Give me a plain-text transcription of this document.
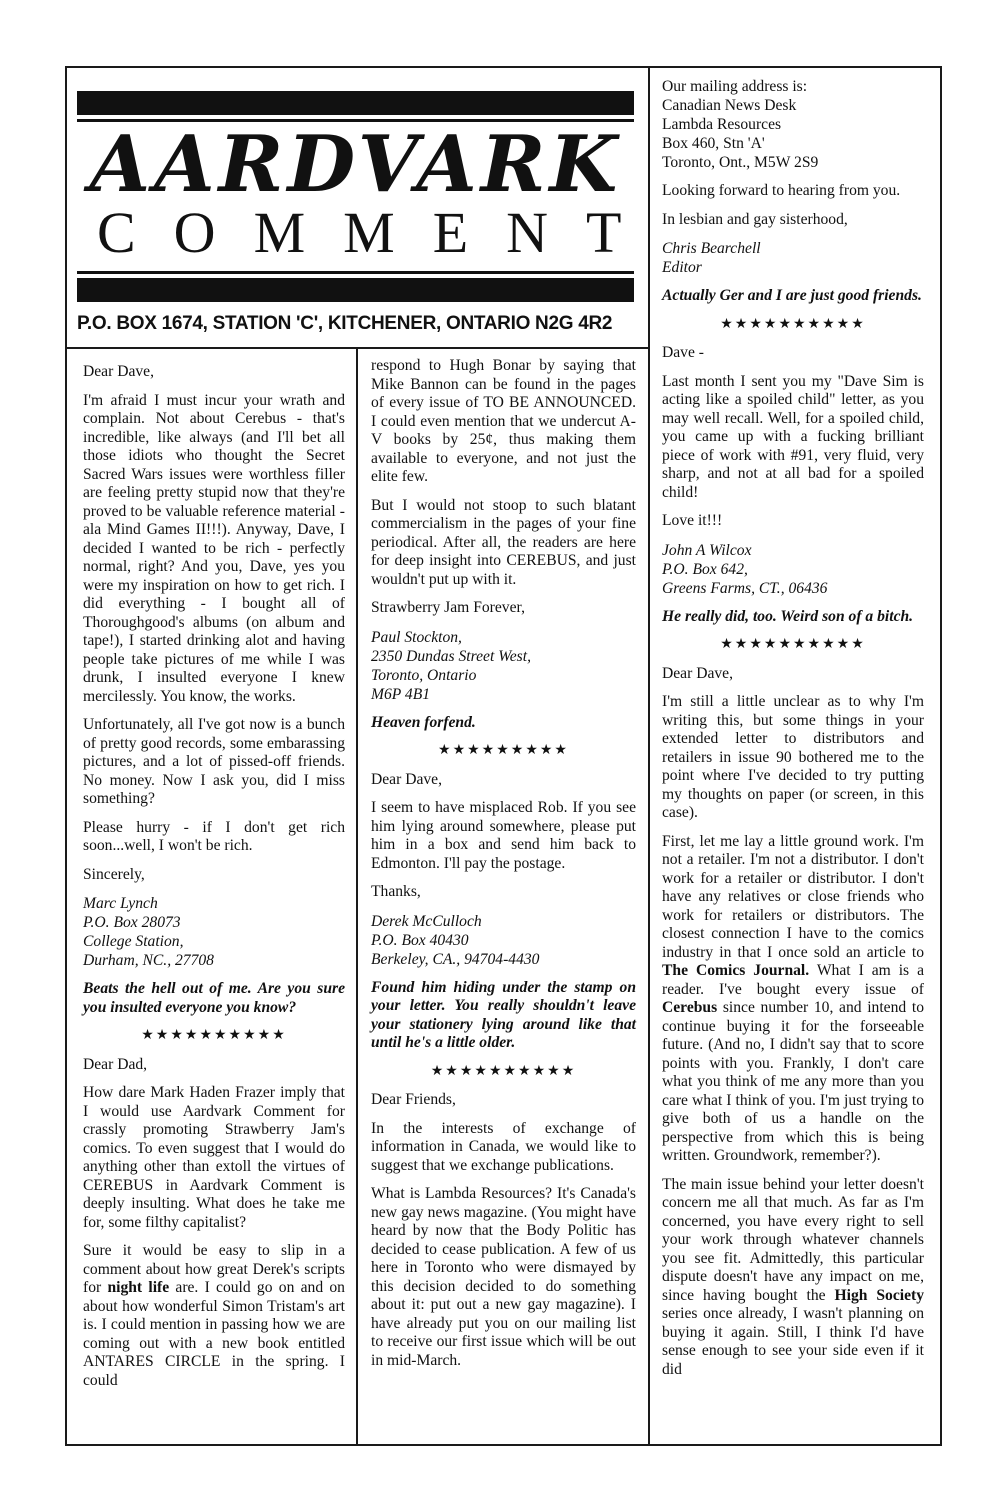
AARDVARK
COMMENT
P.O. BOX 1674, STATION 'C', KITCHENER, ONTARIO N2G 4R2

Dear Dave,

I'm afraid I must incur your wrath and complain. Not about Cerebus - that's incredible, like always (and I'll bet all those idiots who thought the Secret Sacred Wars issues were worthless filler are feeling pretty stupid now that they're proved to be valuable reference material - ala Mind Games II!!!). Anyway, Dave, I decided I wanted to be rich - perfectly normal, right? And you, Dave, yes you were my inspiration on how to get rich. I did everything - I bought all of Thoroughgood's albums (on album and tape!), I started drinking alot and having people take pictures of me while I was drunk, I insulted everyone I knew mercilessly. You know, the works.

Unfortunately, all I've got now is a bunch of pretty good records, some embarassing pictures, and a lot of pissed-off friends. No money. Now I ask you, did I miss something?

Please hurry - if I don't get rich soon...well, I won't be rich.

Sincerely,

Marc Lynch
P.O. Box 28073
College Station,
Durham, NC., 27708

Beats the hell out of me. Are you sure you insulted everyone you know?

★★★★★★★★★★

Dear Dad,

How dare Mark Haden Frazer imply that I would use Aardvark Comment for crassly promoting Strawberry Jam's comics. To even suggest that I would do anything other than extoll the virtues of CEREBUS in Aardvark Comment is deeply insulting. What does he take me for, some filthy capitalist?

Sure it would be easy to slip in a comment about how great Derek's scripts for night life are. I could go on and on about how wonderful Simon Tristam's art is. I could mention in passing how we are coming out with a new book entitled ANTARES CIRCLE in the spring. I could

respond to Hugh Bonar by saying that Mike Bannon can be found in the pages of every issue of TO BE ANNOUNCED. I could even mention that we undercut A-V books by 25¢, thus making them available to everyone, and not just the elite few.

But I would not stoop to such blatant commercialism in the pages of your fine periodical. After all, the readers are here for deep insight into CEREBUS, and just wouldn't put up with it.

Strawberry Jam Forever,

Paul Stockton,
2350 Dundas Street West,
Toronto, Ontario
M6P 4B1

Heaven forfend.

★★★★★★★★★

Dear Dave,

I seem to have misplaced Rob. If you see him lying around somewhere, please put him in a box and send him back to Edmonton. I'll pay the postage.

Thanks,

Derek McCulloch
P.O. Box 40430
Berkeley, CA., 94704-4430

Found him hiding under the stamp on your letter. You really shouldn't leave your stationery lying around like that until he's a little older.

★★★★★★★★★★

Dear Friends,

In the interests of exchange of information in Canada, we would like to suggest that we exchange publications.

What is Lambda Resources? It's Canada's new gay news magazine. (You might have heard by now that the Body Politic has decided to cease publication. A few of us here in Toronto who were dismayed by this decision decided to do something about it: put out a new gay magazine). I have already put you on our mailing list to receive our first issue which will be out in mid-March.

Our mailing address is:
Canadian News Desk
Lambda Resources
Box 460, Stn 'A'
Toronto, Ont., M5W 2S9

Looking forward to hearing from you.

In lesbian and gay sisterhood,

Chris Bearchell
Editor

Actually Ger and I are just good friends.

★★★★★★★★★★

Dave -

Last month I sent you my "Dave Sim is acting like a spoiled child" letter, as you may well recall. Well, for a spoiled child, you came up with a fucking brilliant piece of work with #91, very fluid, very sharp, and not at all bad for a spoiled child!

Love it!!!

John A Wilcox
P.O. Box 642,
Greens Farms, CT., 06436

He really did, too. Weird son of a bitch.

★★★★★★★★★★

Dear Dave,

I'm still a little unclear as to why I'm writing this, but some things in your extended letter to distributors and retailers in issue 90 bothered me to the point where I've decided to try putting my thoughts on paper (or screen, in this case).

First, let me lay a little ground work. I'm not a retailer. I'm not a distributor. I don't work for a retailer or distributor. I don't have any relatives or close friends who work for retailers or distributors. The closest connection I have to the comics industry in that I once sold an article to The Comics Journal. What I am is a reader. I've bought every issue of Cerebus since number 10, and intend to continue buying it for the forseeable future. (And no, I didn't say that to score points with you. Frankly, I don't care what you think of me any more than you care what I think of you. I'm just trying to give both of us a handle on the perspective from which this is being written. Groundwork, remember?).

The main issue behind your letter doesn't concern me all that much. As far as I'm concerned, you have every right to sell your work through whatever channels you see fit. Admittedly, this particular dispute doesn't have any impact on me, since having bought the High Society series once already, I wasn't planning on buying it again. Still, I think I'd have sense enough to see your side even if it did
